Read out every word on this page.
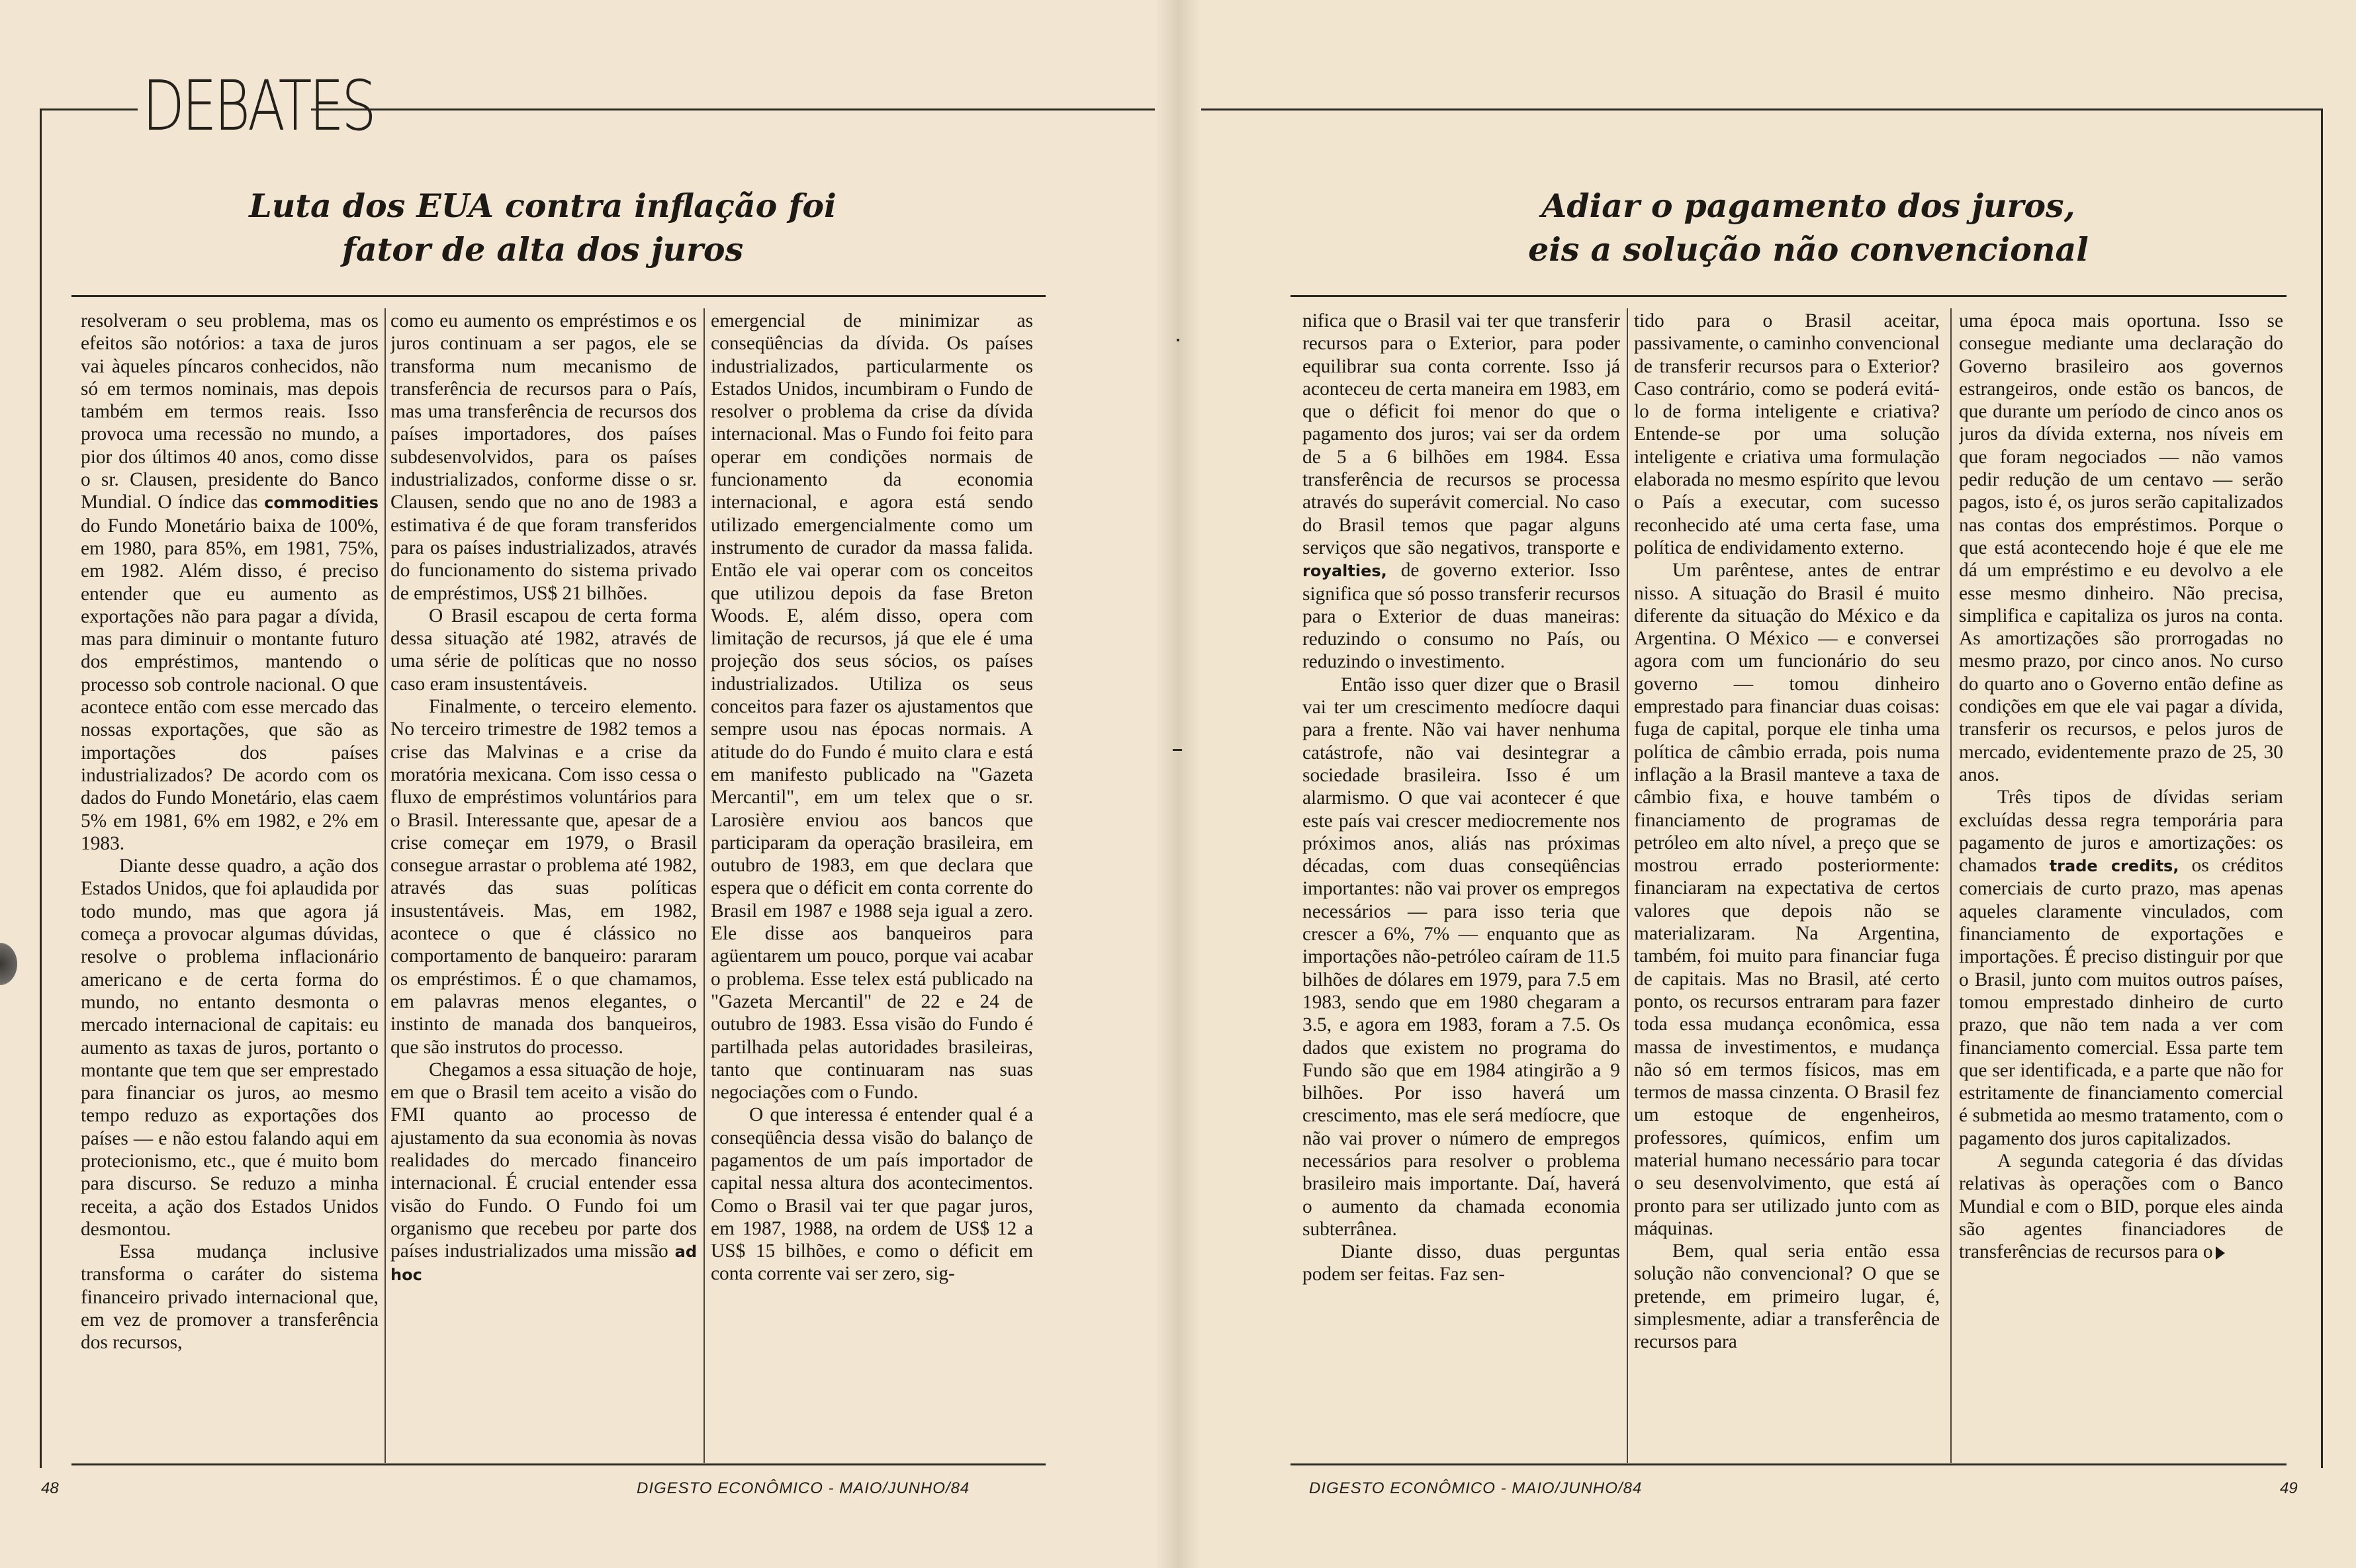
DEBATES
Luta dos EUA contra inflação foi
fator de alta dos juros
Adiar o pagamento dos juros,
eis a solução não convencional

resolveram o seu problema, mas os efeitos são notórios: a taxa de juros vai àqueles píncaros conhecidos, não só em termos nominais, mas depois também em termos reais. Isso provoca uma recessão no mundo, a pior dos últimos 40 anos, como disse o sr. Clausen, presidente do Banco Mundial. O índice das commodities do Fundo Monetário baixa de 100%, em 1980, para 85%, em 1981, 75%, em 1982. Além disso, é preciso entender que eu aumento as exportações não para pagar a dívida, mas para diminuir o montante futuro dos empréstimos, mantendo o processo sob controle nacional. O que acontece então com esse mercado das nossas exportações, que são as importações dos países industrializados? De acordo com os dados do Fundo Monetário, elas caem 5% em 1981, 6% em 1982, e 2% em 1983.

Diante desse quadro, a ação dos Estados Unidos, que foi aplaudida por todo mundo, mas que agora já começa a provocar algumas dúvidas, resolve o problema inflacionário americano e de certa forma do mundo, no entanto desmonta o mercado internacional de capitais: eu aumento as taxas de juros, portanto o montante que tem que ser emprestado para financiar os juros, ao mesmo tempo reduzo as exportações dos países — e não estou falando aqui em protecionismo, etc., que é muito bom para discurso. Se reduzo a minha receita, a ação dos Estados Unidos desmontou.

Essa mudança inclusive transforma o caráter do sistema financeiro privado internacional que, em vez de promover a transferência dos recursos,

como eu aumento os empréstimos e os juros continuam a ser pagos, ele se transforma num mecanismo de transferência de recursos para o País, mas uma transferência de recursos dos países importadores, dos países subdesenvolvidos, para os países industrializados, conforme disse o sr. Clausen, sendo que no ano de 1983 a estimativa é de que foram transferidos para os países industrializados, através do funcionamento do sistema privado de empréstimos, US$ 21 bilhões.

O Brasil escapou de certa forma dessa situação até 1982, através de uma série de políticas que no nosso caso eram insustentáveis.

Finalmente, o terceiro elemento. No terceiro trimestre de 1982 temos a crise das Malvinas e a crise da moratória mexicana. Com isso cessa o fluxo de empréstimos voluntários para o Brasil. Interessante que, apesar de a crise começar em 1979, o Brasil consegue arrastar o problema até 1982, através das suas políticas insustentáveis. Mas, em 1982, acontece o que é clássico no comportamento de banqueiro: pararam os empréstimos. É o que chamamos, em palavras menos elegantes, o instinto de manada dos banqueiros, que são instrutos do processo.

Chegamos a essa situação de hoje, em que o Brasil tem aceito a visão do FMI quanto ao processo de ajustamento da sua economia às novas realidades do mercado financeiro internacional. É crucial entender essa visão do Fundo. O Fundo foi um organismo que recebeu por parte dos países industrializados uma missão ad hoc

emergencial de minimizar as conseqüências da dívida. Os países industrializados, particularmente os Estados Unidos, incumbiram o Fundo de resolver o problema da crise da dívida internacional. Mas o Fundo foi feito para operar em condições normais de funcionamento da economia internacional, e agora está sendo utilizado emergencialmente como um instrumento de curador da massa falida. Então ele vai operar com os conceitos que utilizou depois da fase Breton Woods. E, além disso, opera com limitação de recursos, já que ele é uma projeção dos seus sócios, os países industrializados. Utiliza os seus conceitos para fazer os ajustamentos que sempre usou nas épocas normais. A atitude do do Fundo é muito clara e está em manifesto publicado na "Gazeta Mercantil", em um telex que o sr. Larosière enviou aos bancos que participaram da operação brasileira, em outubro de 1983, em que declara que espera que o déficit em conta corrente do Brasil em 1987 e 1988 seja igual a zero. Ele disse aos banqueiros para agüentarem um pouco, porque vai acabar o problema. Esse telex está publicado na "Gazeta Mercantil" de 22 e 24 de outubro de 1983. Essa visão do Fundo é partilhada pelas autoridades brasileiras, tanto que continuaram nas suas negociações com o Fundo.

O que interessa é entender qual é a conseqüência dessa visão do balanço de pagamentos de um país importador de capital nessa altura dos acontecimentos. Como o Brasil vai ter que pagar juros, em 1987, 1988, na ordem de US$ 12 a US$ 15 bilhões, e como o déficit em conta corrente vai ser zero, sig-

nifica que o Brasil vai ter que transferir recursos para o Exterior, para poder equilibrar sua conta corrente. Isso já aconteceu de certa maneira em 1983, em que o déficit foi menor do que o pagamento dos juros; vai ser da ordem de 5 a 6 bilhões em 1984. Essa transferência de recursos se processa através do superávit comercial. No caso do Brasil temos que pagar alguns serviços que são negativos, transporte e royalties, de governo exterior. Isso significa que só posso transferir recursos para o Exterior de duas maneiras: reduzindo o consumo no País, ou reduzindo o investimento.

Então isso quer dizer que o Brasil vai ter um crescimento medíocre daqui para a frente. Não vai haver nenhuma catástrofe, não vai desintegrar a sociedade brasileira. Isso é um alarmismo. O que vai acontecer é que este país vai crescer mediocremente nos próximos anos, aliás nas próximas décadas, com duas conseqüências importantes: não vai prover os empregos necessários — para isso teria que crescer a 6%, 7% — enquanto que as importações não-petróleo caíram de 11.5 bilhões de dólares em 1979, para 7.5 em 1983, sendo que em 1980 chegaram a 3.5, e agora em 1983, foram a 7.5. Os dados que existem no programa do Fundo são que em 1984 atingirão a 9 bilhões. Por isso haverá um crescimento, mas ele será medíocre, que não vai prover o número de empregos necessários para resolver o problema brasileiro mais importante. Daí, haverá o aumento da chamada economia subterrânea.

Diante disso, duas perguntas podem ser feitas. Faz sen-

tido para o Brasil aceitar, passivamente, o caminho convencional de transferir recursos para o Exterior? Caso contrário, como se poderá evitá-lo de forma inteligente e criativa? Entende-se por uma solução inteligente e criativa uma formulação elaborada no mesmo espírito que levou o País a executar, com sucesso reconhecido até uma certa fase, uma política de endividamento externo.

Um parêntese, antes de entrar nisso. A situação do Brasil é muito diferente da situação do México e da Argentina. O México — e conversei agora com um funcionário do seu governo — tomou dinheiro emprestado para financiar duas coisas: fuga de capital, porque ele tinha uma política de câmbio errada, pois numa inflação a la Brasil manteve a taxa de câmbio fixa, e houve também o financiamento de programas de petróleo em alto nível, a preço que se mostrou errado posteriormente: financiaram na expectativa de certos valores que depois não se materializaram. Na Argentina, também, foi muito para financiar fuga de capitais. Mas no Brasil, até certo ponto, os recursos entraram para fazer toda essa mudança econômica, essa massa de investimentos, e mudança não só em termos físicos, mas em termos de massa cinzenta. O Brasil fez um estoque de engenheiros, professores, químicos, enfim um material humano necessário para tocar o seu desenvolvimento, que está aí pronto para ser utilizado junto com as máquinas.

Bem, qual seria então essa solução não convencional? O que se pretende, em primeiro lugar, é, simplesmente, adiar a transferência de recursos para

uma época mais oportuna. Isso se consegue mediante uma declaração do Governo brasileiro aos governos estrangeiros, onde estão os bancos, de que durante um período de cinco anos os juros da dívida externa, nos níveis em que foram negociados — não vamos pedir redução de um centavo — serão pagos, isto é, os juros serão capitalizados nas contas dos empréstimos. Porque o que está acontecendo hoje é que ele me dá um empréstimo e eu devolvo a ele esse mesmo dinheiro. Não precisa, simplifica e capitaliza os juros na conta. As amortizações são prorrogadas no mesmo prazo, por cinco anos. No curso do quarto ano o Governo então define as condições em que ele vai pagar a dívida, transferir os recursos, e pelos juros de mercado, evidentemente prazo de 25, 30 anos.

Três tipos de dívidas seriam excluídas dessa regra temporária para pagamento de juros e amortizações: os chamados trade credits, os créditos comerciais de curto prazo, mas apenas aqueles claramente vinculados, com financiamento de exportações e importações. É preciso distinguir por que o Brasil, junto com muitos outros países, tomou emprestado dinheiro de curto prazo, que não tem nada a ver com financiamento comercial. Essa parte tem que ser identificada, e a parte que não for estritamente de financiamento comercial é submetida ao mesmo tratamento, com o pagamento dos juros capitalizados.

A segunda categoria é das dívidas relativas às operações com o Banco Mundial e com o BID, porque eles ainda são agentes financiadores de transferências de recursos para o

48	DIGESTO ECONÔMICO - MAIO/JUNHO/84	DIGESTO ECONÔMICO - MAIO/JUNHO/84	49
